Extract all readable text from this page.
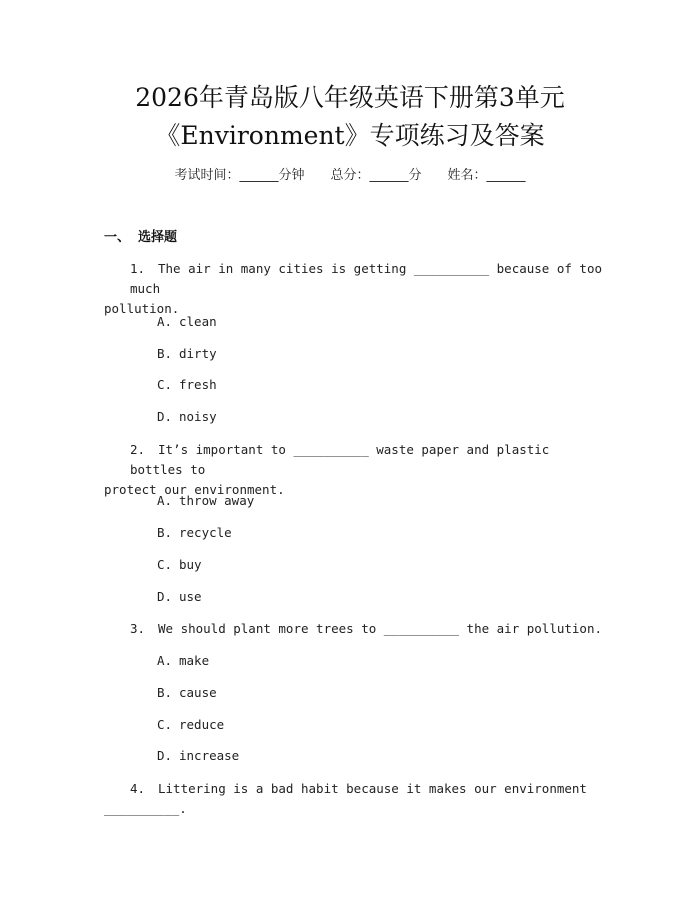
2026年青岛版八年级英语下册第3单元
《Environment》专项练习及答案
考试时间：______分钟 总分：______分 姓名：______
一、 选择题
1. The air in many cities is getting __________ because of too much
pollution.
A. clean
B. dirty
C. fresh
D. noisy
2. It’s important to __________ waste paper and plastic bottles to
protect our environment.
A. throw away
B. recycle
C. buy
D. use
3. We should plant more trees to __________ the air pollution.
A. make
B. cause
C. reduce
D. increase
4. Littering is a bad habit because it makes our environment
__________.
